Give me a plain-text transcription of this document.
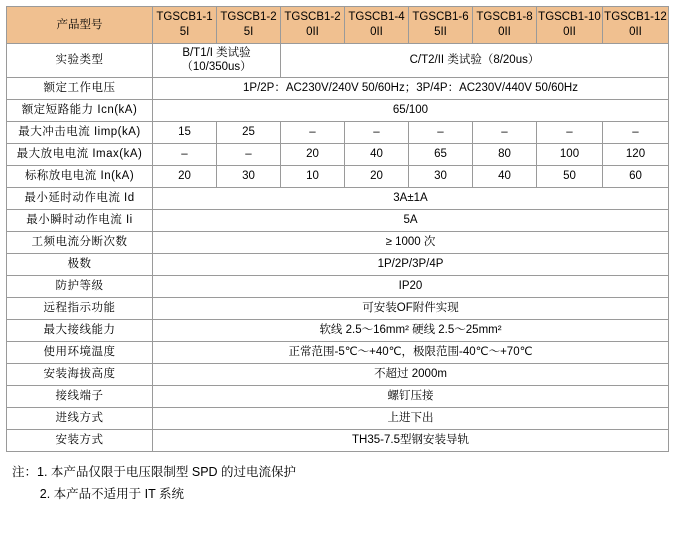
产品型号	TGSCB1-15I	TGSCB1-25I	TGSCB1-20II	TGSCB1-40II	TGSCB1-65II	TGSCB1-80II	TGSCB1-100II	TGSCB1-120II
实验类型	B/T1/I 类试验
（10/350us）		C/T2/II 类试验（8/20us）					

额定工作电压	1P/2P：AC230V/240V 50/60Hz；3P/4P：AC230V/440V 50/60Hz							

额定短路能力 Icn(kA)	65/100							

最大冲击电流 Iimp(kA)	15	25	–	–	–	–	–	–

最大放电电流 Imax(kA)	–	–	20	40	65	80	100	120

标称放电电流 In(kA)	20	30	10	20	30	40	50	60

最小延时动作电流 Id	3A±1A							

最小瞬时动作电流 Ii	5A							

工频电流分断次数	≥ 1000 次							

极数	1P/2P/3P/4P							

防护等级	IP20							

远程指示功能	可安装OF附件实现							

最大接线能力	软线 2.5～16mm² 硬线 2.5～25mm²							

使用环境温度	正常范围-5℃～+40℃，极限范围-40℃～+70℃							

安装海拔高度	不超过 2000m							

接线端子	螺钉压接							

进线方式	上进下出							

安装方式	TH35-7.5型钢安装导轨							
注：1. 本产品仅限于电压限制型 SPD 的过电流保护
2. 本产品不适用于 IT 系统
